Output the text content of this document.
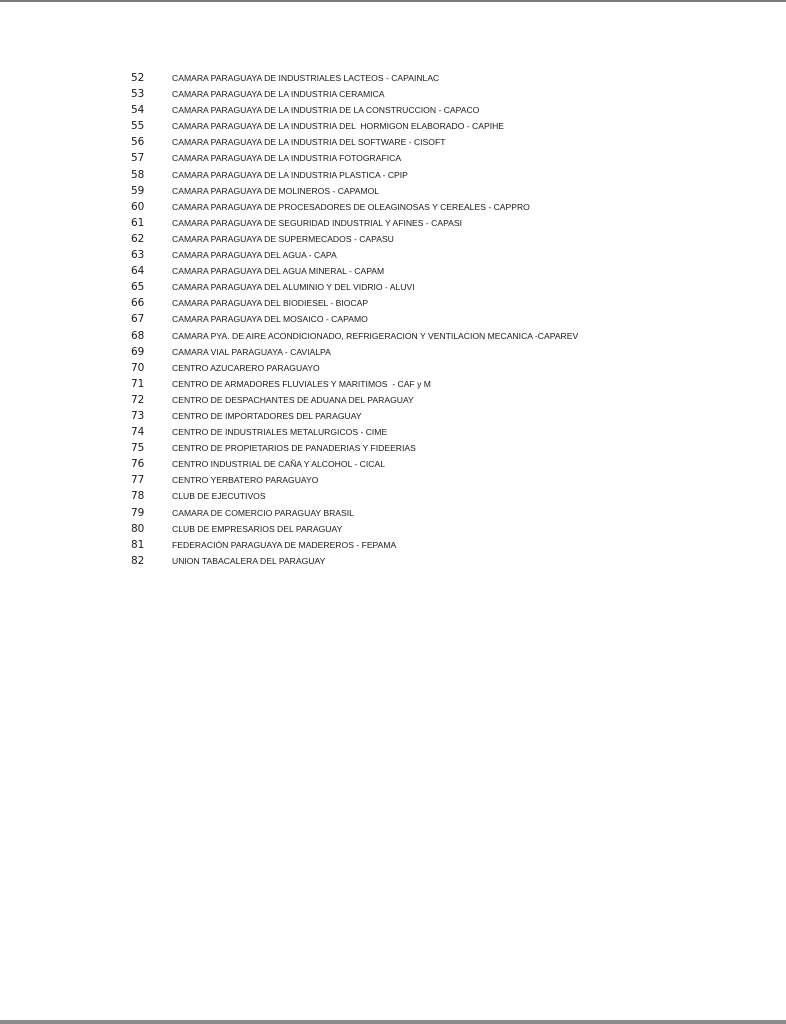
52	CAMARA PARAGUAYA DE INDUSTRIALES LACTEOS - CAPAINLAC
53	CAMARA PARAGUAYA DE LA INDUSTRIA CERAMICA
54	CAMARA PARAGUAYA DE LA INDUSTRIA DE LA CONSTRUCCION - CAPACO
55	CAMARA PARAGUAYA DE LA INDUSTRIA DEL  HORMIGON ELABORADO - CAPIHE
56	CAMARA PARAGUAYA DE LA INDUSTRIA DEL SOFTWARE - CISOFT
57	CAMARA PARAGUAYA DE LA INDUSTRIA FOTOGRAFICA
58	CAMARA PARAGUAYA DE LA INDUSTRIA PLASTICA - CPIP
59	CAMARA PARAGUAYA DE MOLINEROS - CAPAMOL
60	CAMARA PARAGUAYA DE PROCESADORES DE OLEAGINOSAS Y CEREALES - CAPPRO
61	CAMARA PARAGUAYA DE SEGURIDAD INDUSTRIAL Y AFINES - CAPASI
62	CAMARA PARAGUAYA DE SUPERMECADOS - CAPASU
63	CAMARA PARAGUAYA DEL AGUA - CAPA
64	CAMARA PARAGUAYA DEL AGUA MINERAL - CAPAM
65	CAMARA PARAGUAYA DEL ALUMINIO Y DEL VIDRIO - ALUVI
66	CAMARA PARAGUAYA DEL BIODIESEL - BIOCAP
67	CAMARA PARAGUAYA DEL MOSAICO - CAPAMO
68	CAMARA PYA. DE AIRE ACONDICIONADO, REFRIGERACION Y VENTILACION MECANICA -CAPAREV
69	CAMARA VIAL PARAGUAYA - CAVIALPA
70	CENTRO AZUCARERO PARAGUAYO
71	CENTRO DE ARMADORES FLUVIALES Y MARITIMOS  - CAF y M
72	CENTRO DE DESPACHANTES DE ADUANA DEL PARAGUAY
73	CENTRO DE IMPORTADORES DEL PARAGUAY
74	CENTRO DE INDUSTRIALES METALURGICOS - CIME
75	CENTRO DE PROPIETARIOS DE PANADERIAS Y FIDEERIAS
76	CENTRO INDUSTRIAL DE CAÑA Y ALCOHOL - CICAL
77	CENTRO YERBATERO PARAGUAYO
78	CLUB DE EJECUTIVOS
79	CAMARA DE COMERCIO PARAGUAY BRASIL
80	CLUB DE EMPRESARIOS DEL PARAGUAY
81	FEDERACIÓN PARAGUAYA DE MADEREROS - FEPAMA
82	UNION TABACALERA DEL PARAGUAY
